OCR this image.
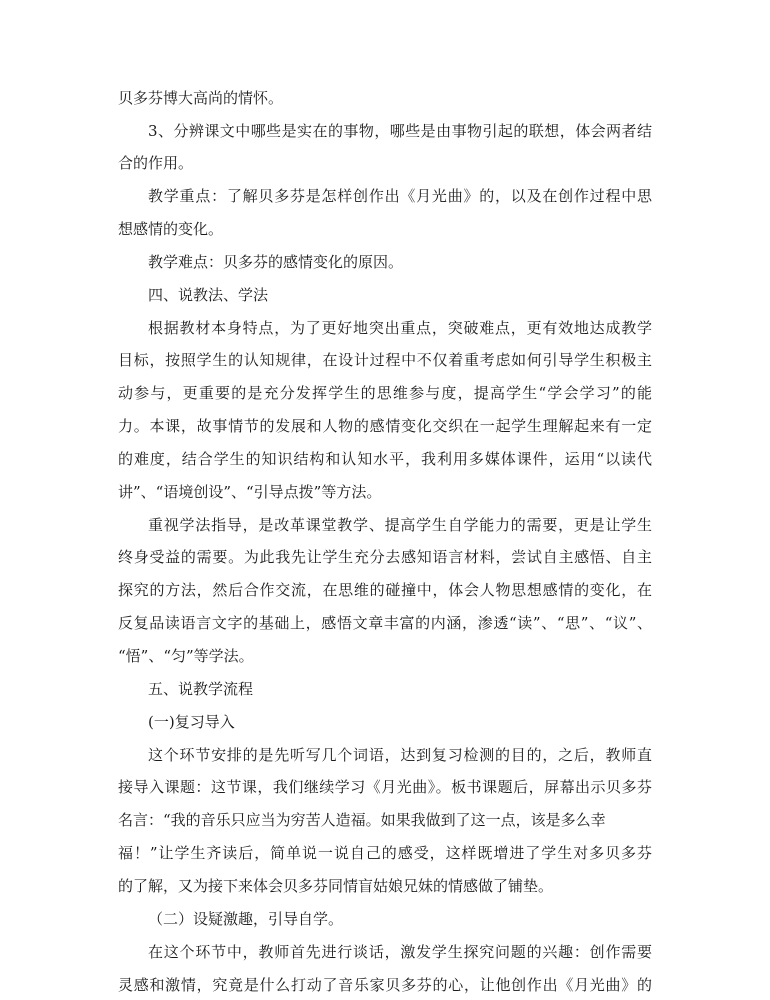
贝多芬博大高尚的情怀。
3、分辨课文中哪些是实在的事物，哪些是由事物引起的联想，体会两者结
合的作用。
教学重点：了解贝多芬是怎样创作出《月光曲》的，以及在创作过程中思
想感情的变化。
教学难点：贝多芬的感情变化的原因。
四、说教法、学法
根据教材本身特点，为了更好地突出重点，突破难点，更有效地达成教学
目标，按照学生的认知规律，在设计过程中不仅着重考虑如何引导学生积极主
动参与，更重要的是充分发挥学生的思维参与度，提高学生“学会学习”的能
力。本课，故事情节的发展和人物的感情变化交织在一起学生理解起来有一定
的难度，结合学生的知识结构和认知水平，我利用多媒体课件，运用“以读代
讲”、“语境创设”、“引导点拨”等方法。
重视学法指导，是改革课堂教学、提高学生自学能力的需要，更是让学生
终身受益的需要。为此我先让学生充分去感知语言材料，尝试自主感悟、自主
探究的方法，然后合作交流，在思维的碰撞中，体会人物思想感情的变化，在
反复品读语言文字的基础上，感悟文章丰富的内涵，渗透“读”、“思”、“议”、
“悟”、“匀”等学法。
五、说教学流程
(一)复习导入
这个环节安排的是先听写几个词语，达到复习检测的目的，之后，教师直
接导入课题：这节课，我们继续学习《月光曲》。板书课题后，屏幕出示贝多芬
名言：“我的音乐只应当为穷苦人造福。如果我做到了这一点，该是多么幸
福！”让学生齐读后，简单说一说自己的感受，这样既增进了学生对多贝多芬
的了解，又为接下来体会贝多芬同情盲姑娘兄妹的情感做了铺垫。
（二）设疑激趣，引导自学。
在这个环节中，教师首先进行谈话，激发学生探究问题的兴趣：创作需要
灵感和激情，究竟是什么打动了音乐家贝多芬的心，让他创作出《月光曲》的
